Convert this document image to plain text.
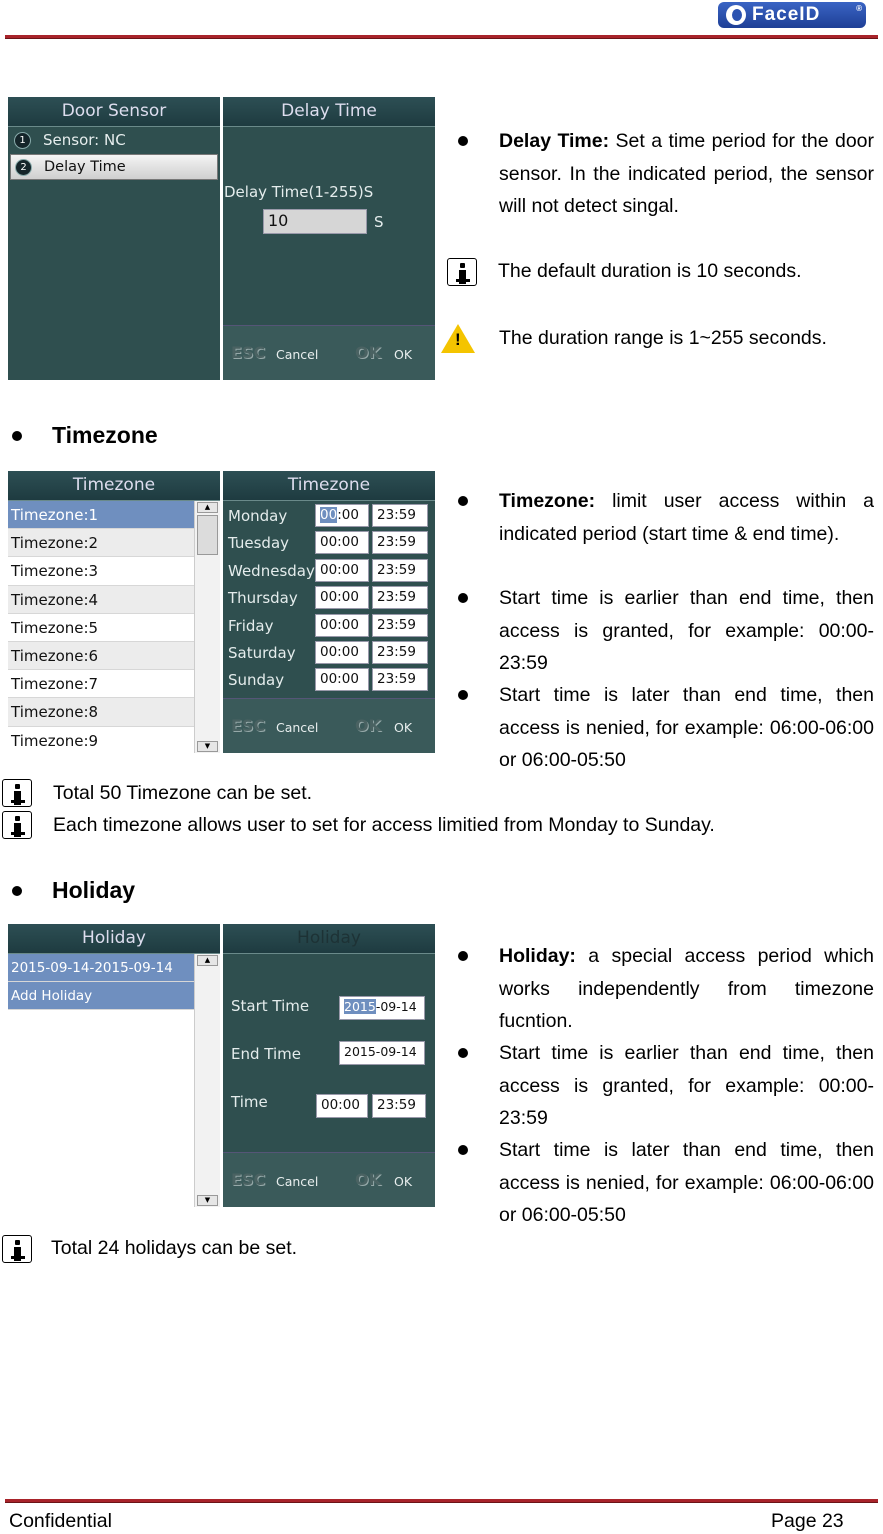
FaceID	®
Door Sensor
1	Sensor: NC
2	Delay Time
Delay Time
Delay Time(1-255)S
10	S
ESC Cancel OK OK
Delay Time: Set a time period for the door sensor. In the indicated period, the sensor will not detect singal.
The default duration is 10 seconds.
!
The duration range is 1~255 seconds.
Timezone
Timezone
Timezone:1
Timezone:2
Timezone:3
Timezone:4
Timezone:5
Timezone:6
Timezone:7
Timezone:8
Timezone:9
▲
▼
Timezone
Monday	00:00	23:59
Tuesday	00:00	23:59
Wednesday 00:00	23:59
Thursday	00:00	23:59
Friday	00:00	23:59
Saturday	00:00	23:59
Sunday	00:00	23:59
ESC Cancel OK OK
Timezone: limit user access within a indicated period (start time & end time).
Start time is earlier than end time, then access is granted, for example: 00:00-23:59
Start time is later than end time, then access is nenied, for example: 06:00-06:00 or 06:00-05:50
Total 50 Timezone can be set.
Each timezone allows user to set for access limitied from Monday to Sunday.
Holiday
Holiday
2015-09-14-2015-09-14
Add Holiday
▲
▼
Holiday
Start Time	2015-09-14
End Time	2015-09-14
Time	00:00	23:59
ESC Cancel OK OK
Holiday: a special access period which works independently from timezone fucntion.
Start time is earlier than end time, then access is granted, for example: 00:00-23:59
Start time is later than end time, then access is nenied, for example: 06:00-06:00 or 06:00-05:50
Total 24 holidays can be set.
Confidential	Page 23
